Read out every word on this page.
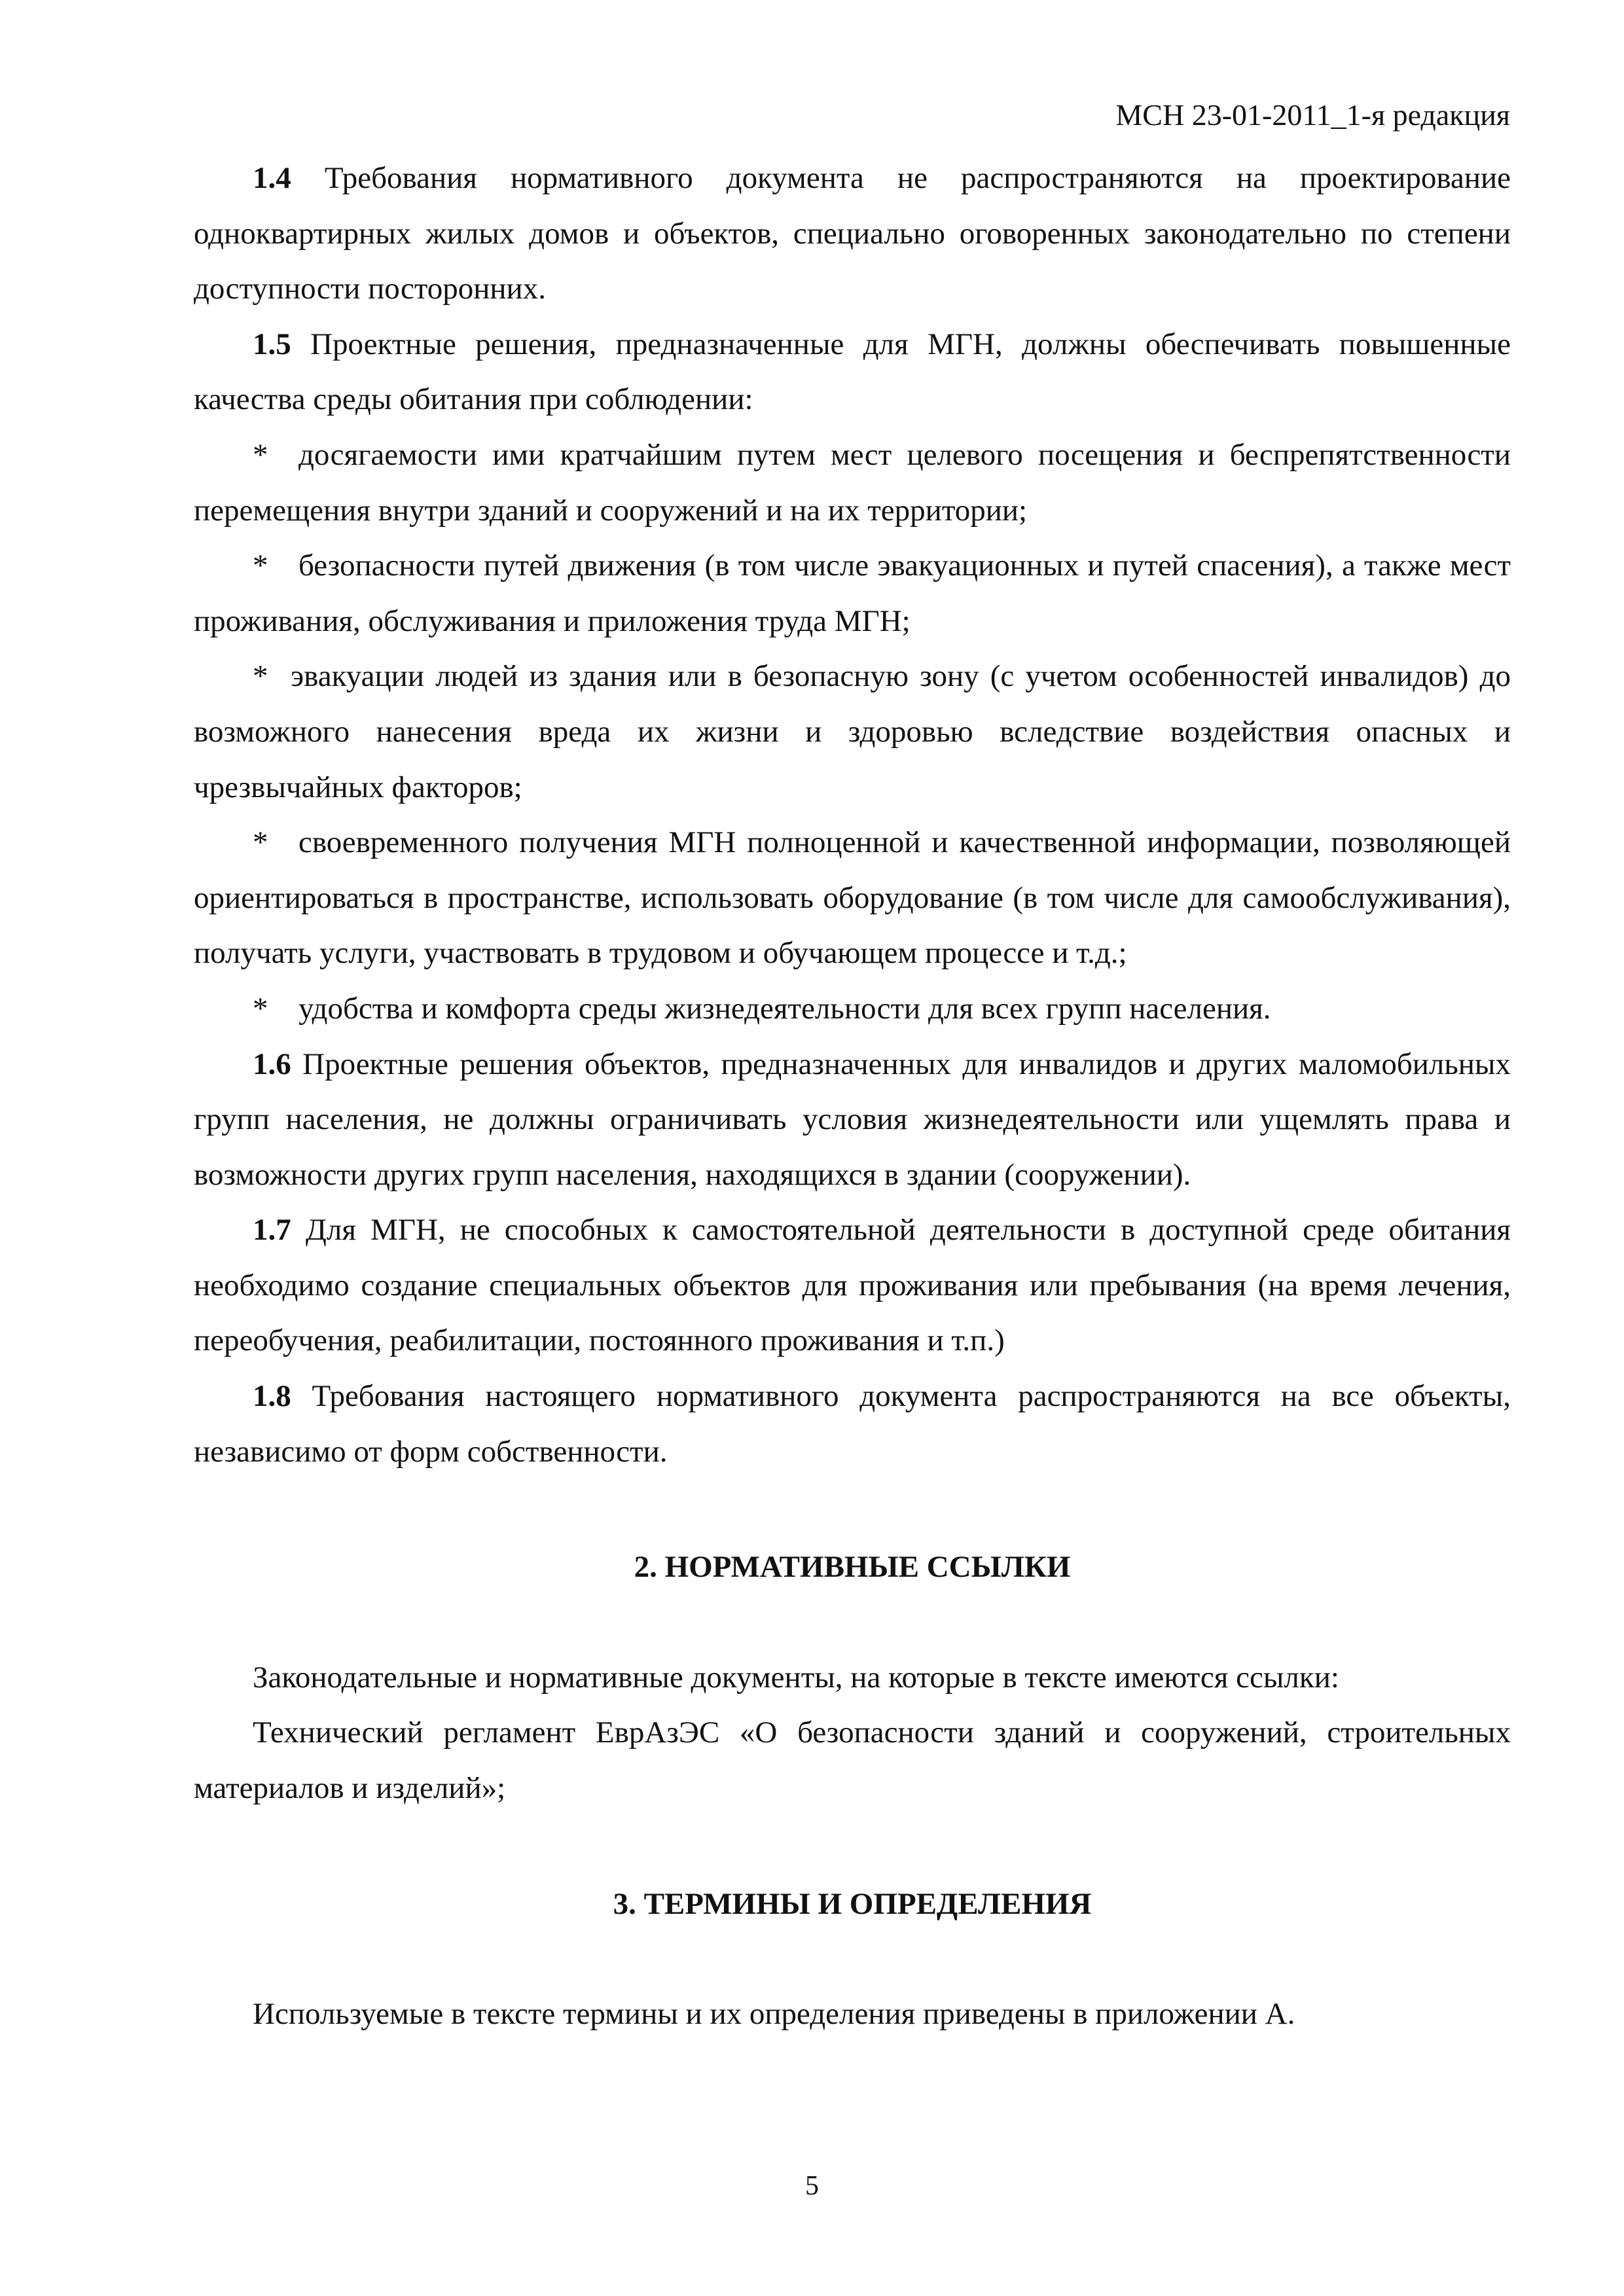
МСН 23-01-2011_1-я редакция

1.4 Требования нормативного документа не распространяются на проектирование одноквартирных жилых домов и объектов, специально оговоренных законодательно по степени доступности посторонних.

1.5 Проектные решения, предназначенные для МГН, должны обеспечивать повышенные качества среды обитания при соблюдении:

* досягаемости ими кратчайшим путем мест целевого посещения и беспрепятственности перемещения внутри зданий и сооружений и на их территории;

* безопасности путей движения (в том числе эвакуационных и путей спасения), а также мест проживания, обслуживания и приложения труда МГН;

* эвакуации людей из здания или в безопасную зону (с учетом особенностей инвалидов) до возможного нанесения вреда их жизни и здоровью вследствие воздействия опасных и чрезвычайных факторов;

* своевременного получения МГН полноценной и качественной информации, позволяющей ориентироваться в пространстве, использовать оборудование (в том числе для самообслуживания), получать услуги, участвовать в трудовом и обучающем процессе и т.д.;

* удобства и комфорта среды жизнедеятельности для всех групп населения.

1.6 Проектные решения объектов, предназначенных для инвалидов и других маломобильных групп населения, не должны ограничивать условия жизнедеятельности или ущемлять права и возможности других групп населения, находящихся в здании (сооружении).

1.7 Для МГН, не способных к самостоятельной деятельности в доступной среде обитания необходимо создание специальных объектов для проживания или пребывания (на время лечения, переобучения, реабилитации, постоянного проживания и т.п.)

1.8 Требования настоящего нормативного документа распространяются на все объекты, независимо от форм собственности.

2. НОРМАТИВНЫЕ ССЫЛКИ

Законодательные и нормативные документы, на которые в тексте имеются ссылки:

Технический регламент ЕврАзЭС «О безопасности зданий и сооружений, строительных материалов и изделий»;

3. ТЕРМИНЫ И ОПРЕДЕЛЕНИЯ

Используемые в тексте термины и их определения приведены в приложении А.

5
